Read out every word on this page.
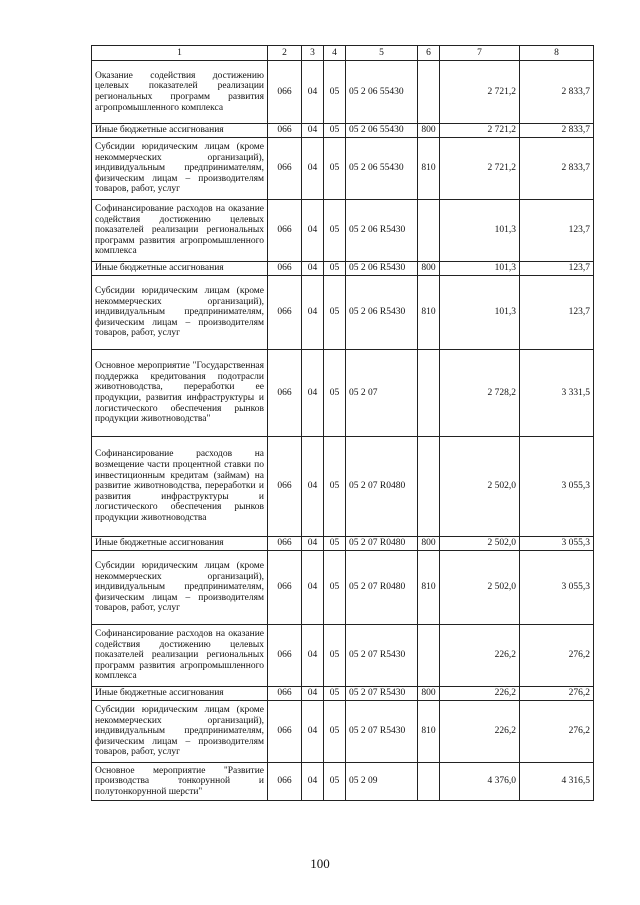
1	2	3	4	5	6	7	8
Оказание содействия достижению целевых показателей реализации региональных программ развития агропромышленного комплекса	066	04	05	05 2 06 55430		2 721,2	2 833,7
Иные бюджетные ассигнования	066	04	05	05 2 06 55430	800	2 721,2	2 833,7
Субсидии юридическим лицам (кроме некоммерческих организаций), индивидуальным предпринимателям, физическим лицам – производителям товаров, работ, услуг	066	04	05	05 2 06 55430	810	2 721,2	2 833,7
Софинансирование расходов на оказание содействия достижению целевых показателей реализации региональных программ развития агропромышленного комплекса	066	04	05	05 2 06 R5430		101,3	123,7
Иные бюджетные ассигнования	066	04	05	05 2 06 R5430	800	101,3	123,7
Субсидии юридическим лицам (кроме некоммерческих организаций), индивидуальным предпринимателям, физическим лицам – производителям товаров, работ, услуг	066	04	05	05 2 06 R5430	810	101,3	123,7
Основное мероприятие "Государственная поддержка кредитования подотрасли животноводства, переработки ее продукции, развития инфраструктуры и логистического обеспечения рынков продукции животноводства"	066	04	05	05 2 07		2 728,2	3 331,5
Софинансирование расходов на возмещение части процентной ставки по инвестиционным кредитам (займам) на развитие животноводства, переработки и развития инфраструктуры и логистического обеспечения рынков продукции животноводства	066	04	05	05 2 07 R0480		2 502,0	3 055,3
Иные бюджетные ассигнования	066	04	05	05 2 07 R0480	800	2 502,0	3 055,3
Субсидии юридическим лицам (кроме некоммерческих организаций), индивидуальным предпринимателям, физическим лицам – производителям товаров, работ, услуг	066	04	05	05 2 07 R0480	810	2 502,0	3 055,3
Софинансирование расходов на оказание содействия достижению целевых показателей реализации региональных программ развития агропромышленного комплекса	066	04	05	05 2 07 R5430		226,2	276,2
Иные бюджетные ассигнования	066	04	05	05 2 07 R5430	800	226,2	276,2
Субсидии юридическим лицам (кроме некоммерческих организаций), индивидуальным предпринимателям, физическим лицам – производителям товаров, работ, услуг	066	04	05	05 2 07 R5430	810	226,2	276,2
Основное мероприятие "Развитие производства тонкорунной и полутонкорунной шерсти"	066	04	05	05 2 09		4 376,0	4 316,5
100
